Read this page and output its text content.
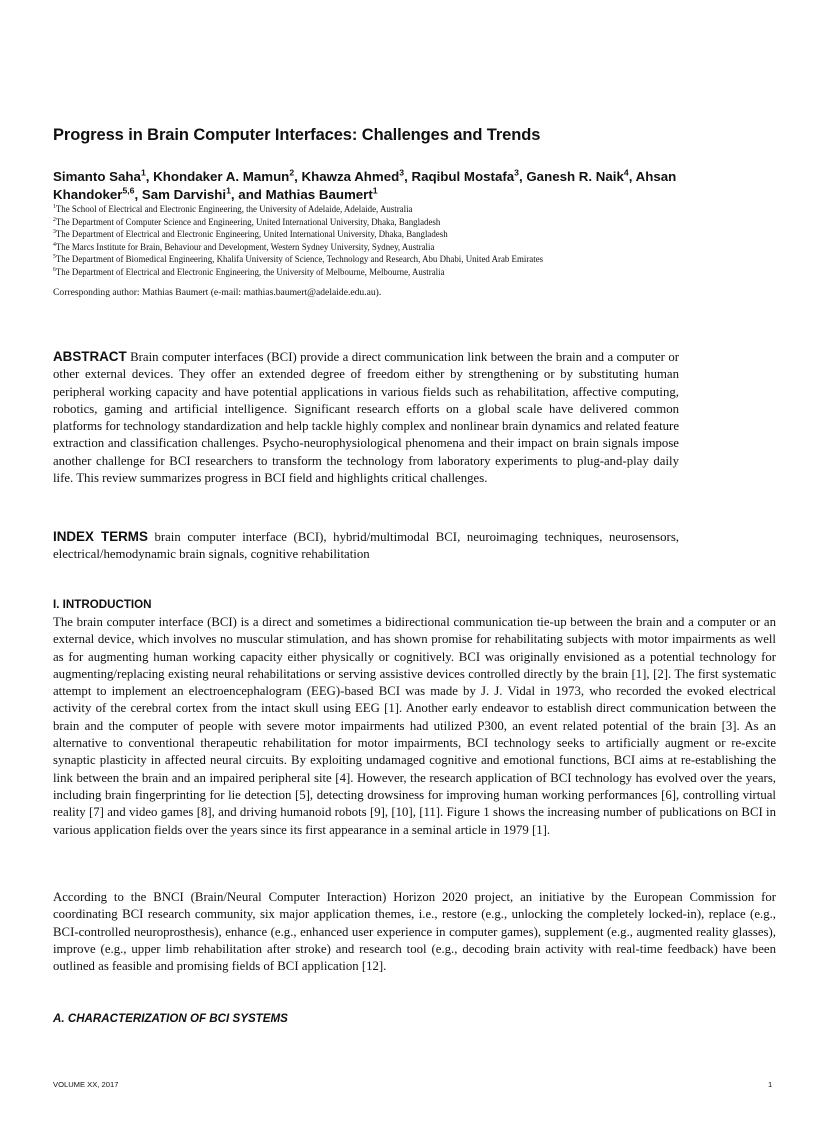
Progress in Brain Computer Interfaces: Challenges and Trends
Simanto Saha$^1$, Khondaker A. Mamun$^2$, Khawza Ahmed$^3$, Raqibul Mostafa$^3$, Ganesh R. Naik$^4$, Ahsan Khandoker$^{5,6}$, Sam Darvishi$^1$, and Mathias Baumert$^1$
$^1$The School of Electrical and Electronic Engineering, the University of Adelaide, Adelaide, Australia
$^2$The Department of Computer Science and Engineering, United International University, Dhaka, Bangladesh
$^3$The Department of Electrical and Electronic Engineering, United International University, Dhaka, Bangladesh
$^4$The Marcs Institute for Brain, Behaviour and Development, Western Sydney University, Sydney, Australia
$^5$The Department of Biomedical Engineering, Khalifa University of Science, Technology and Research, Abu Dhabi, United Arab Emirates
$^6$The Department of Electrical and Electronic Engineering, the University of Melbourne, Melbourne, Australia
Corresponding author: Mathias Baumert (e-mail: mathias.baumert@adelaide.edu.au).
ABSTRACT Brain computer interfaces (BCI) provide a direct communication link between the brain and a computer or other external devices. They offer an extended degree of freedom either by strengthening or by substituting human peripheral working capacity and have potential applications in various fields such as rehabilitation, affective computing, robotics, gaming and artificial intelligence. Significant research efforts on a global scale have delivered common platforms for technology standardization and help tackle highly complex and nonlinear brain dynamics and related feature extraction and classification challenges. Psycho-neurophysiological phenomena and their impact on brain signals impose another challenge for BCI researchers to transform the technology from laboratory experiments to plug-and-play daily life. This review summarizes progress in BCI field and highlights critical challenges.
INDEX TERMS brain computer interface (BCI), hybrid/multimodal BCI, neuroimaging techniques, neurosensors, electrical/hemodynamic brain signals, cognitive rehabilitation
I. INTRODUCTION
The brain computer interface (BCI) is a direct and sometimes a bidirectional communication tie-up between the brain and a computer or an external device, which involves no muscular stimulation, and has shown promise for rehabilitating subjects with motor impairments as well as for augmenting human working capacity either physically or cognitively. BCI was originally envisioned as a potential technology for augmenting/replacing existing neural rehabilitations or serving assistive devices controlled directly by the brain [1], [2]. The first systematic attempt to implement an electroencephalogram (EEG)-based BCI was made by J. J. Vidal in 1973, who recorded the evoked electrical activity of the cerebral cortex from the intact skull using EEG [1]. Another early endeavor to establish direct communication between the brain and the computer of people with severe motor impairments had utilized P300, an event related potential of the brain [3]. As an alternative to conventional therapeutic rehabilitation for motor impairments, BCI technology seeks to artificially augment or re-excite synaptic plasticity in affected neural circuits. By exploiting undamaged cognitive and emotional functions, BCI aims at re-establishing the link between the brain and an impaired peripheral site [4]. However, the research application of BCI technology has evolved over the years, including brain fingerprinting for lie detection [5], detecting drowsiness for improving human working performances [6], controlling virtual reality [7] and video games [8], and driving humanoid robots [9], [10], [11]. Figure 1 shows the increasing number of publications on BCI in various application fields over the years since its first appearance in a seminal article in 1979 [1].
According to the BNCI (Brain/Neural Computer Interaction) Horizon 2020 project, an initiative by the European Commission for coordinating BCI research community, six major application themes, i.e., restore (e.g., unlocking the completely locked-in), replace (e.g., BCI-controlled neuroprosthesis), enhance (e.g., enhanced user experience in computer games), supplement (e.g., augmented reality glasses), improve (e.g., upper limb rehabilitation after stroke) and research tool (e.g., decoding brain activity with real-time feedback) have been outlined as feasible and promising fields of BCI application [12].
A. CHARACTERIZATION OF BCI SYSTEMS
VOLUME XX, 2017	1
